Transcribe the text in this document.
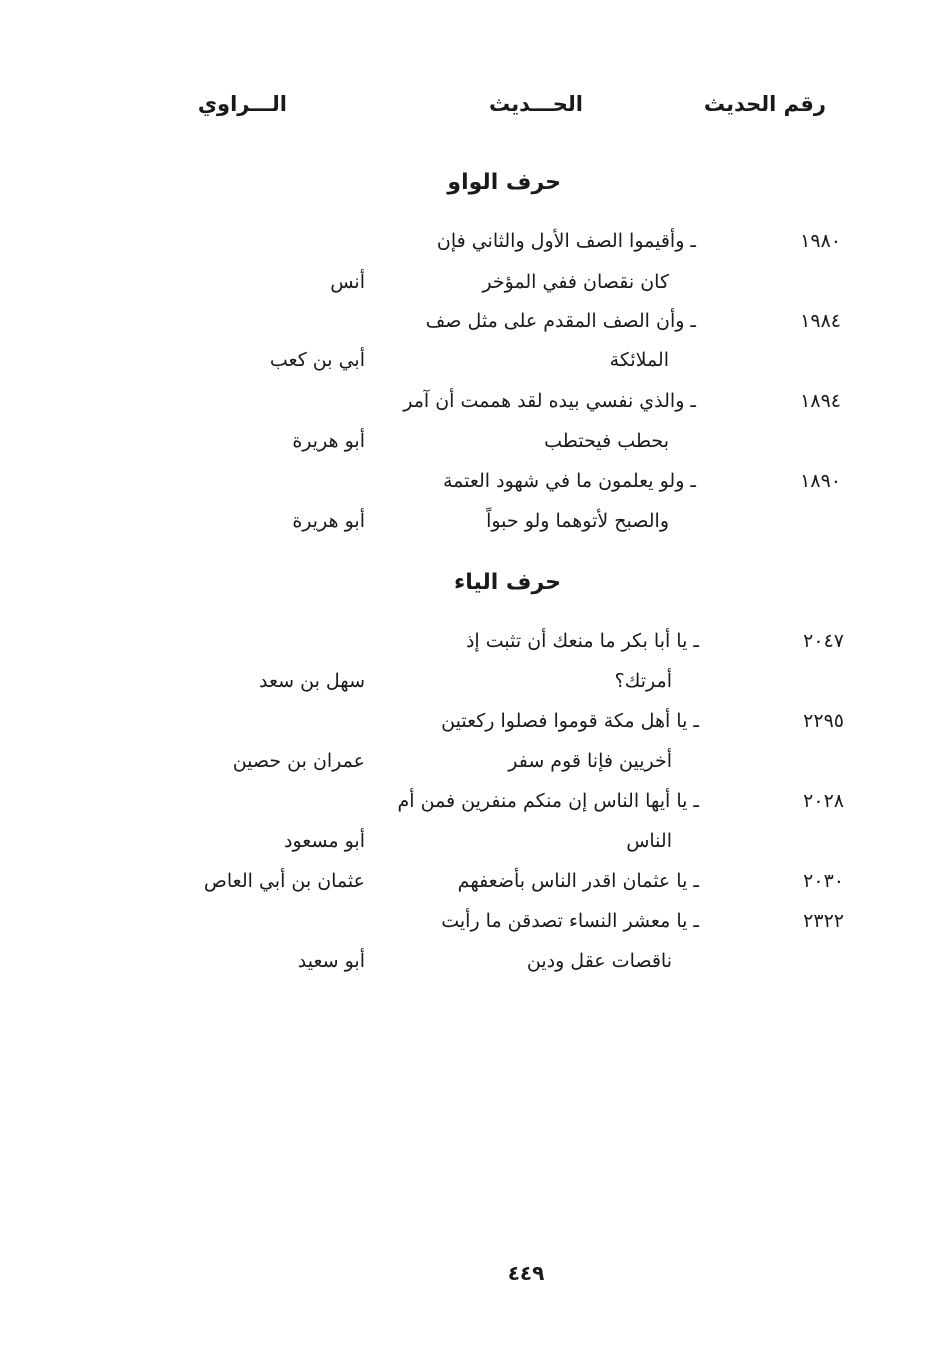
رقم الحديث
الحـــديث
الـــراوي
حرف الواو
١٩٨٠
ـ وأقيموا الصف الأول والثاني فإن
كان نقصان ففي المؤخر
أنس
١٩٨٤
ـ وأن الصف المقدم على مثل صف
الملائكة
أبي بن كعب
١٨٩٤
ـ والذي نفسي بيده لقد هممت أن آمر
بحطب فيحتطب
أبو هريرة
١٨٩٠
ـ ولو يعلمون ما في شهود العتمة
والصبح لأتوهما ولو حبواً
أبو هريرة
حرف الياء
٢٠٤٧
ـ يا أبا بكر ما منعك أن تثبت إذ
أمرتك؟
سهل بن سعد
٢٢٩٥
ـ يا أهل مكة قوموا فصلوا ركعتين
أخريين فإنا قوم سفر
عمران بن حصين
٢٠٢٨
ـ يا أيها الناس إن منكم منفرين فمن أم
الناس
أبو مسعود
٢٠٣٠
ـ يا عثمان اقدر الناس بأضعفهم
عثمان بن أبي العاص
٢٣٢٢
ـ يا معشر النساء تصدقن ما رأيت
ناقصات عقل ودين
أبو سعيد
٤٤٩
